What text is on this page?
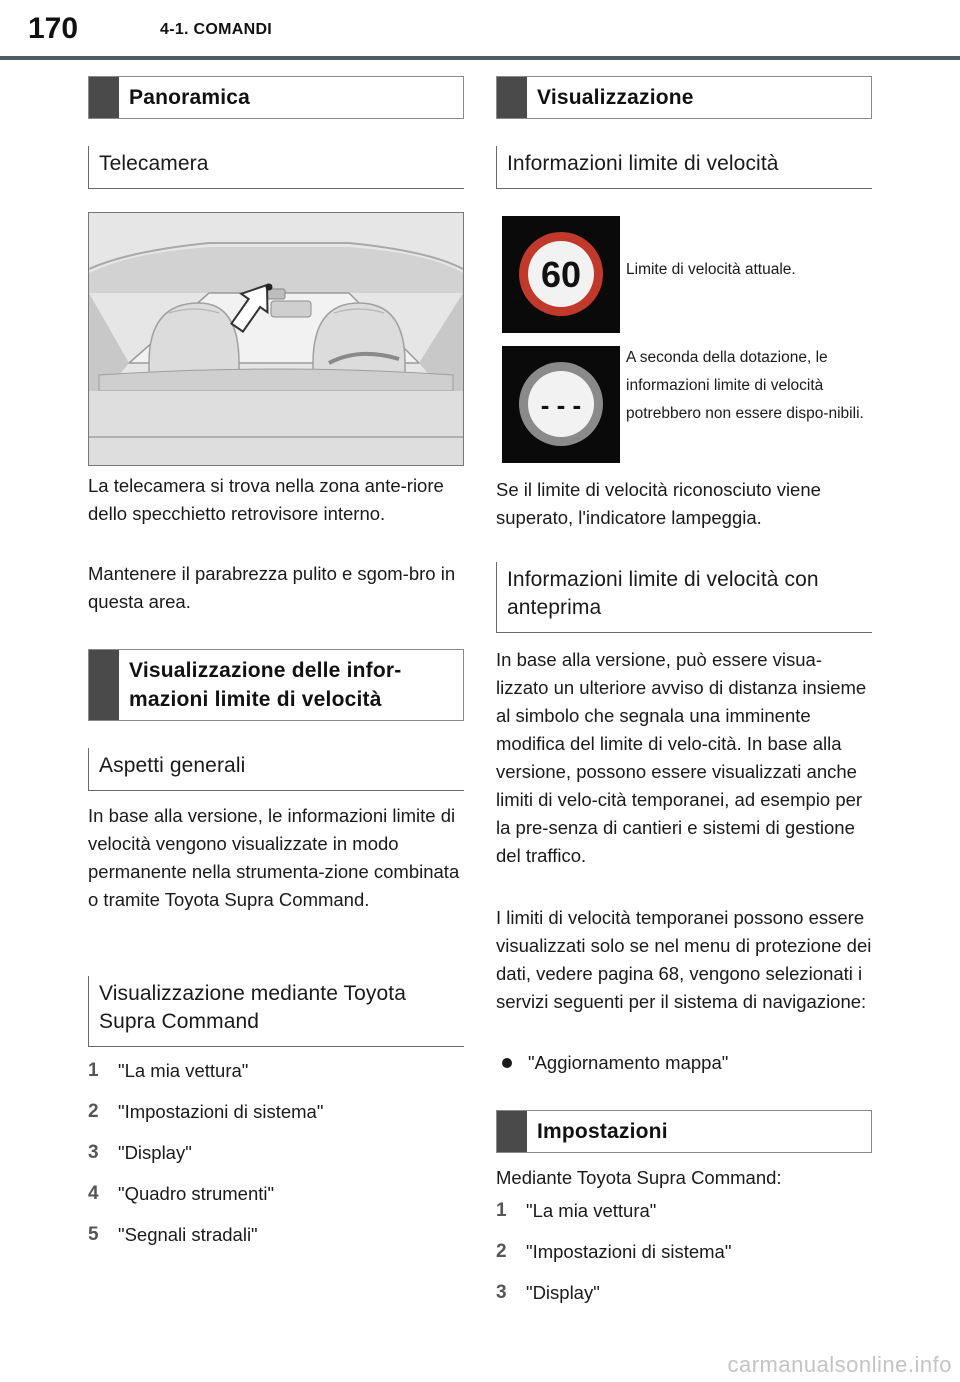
170	4-1. COMANDI
Panoramica
Telecamera
La telecamera si trova nella zona ante-riore dello specchietto retrovisore interno.
Mantenere il parabrezza pulito e sgom-bro in questa area.
Visualizzazione delle infor-mazioni limite di velocità
Aspetti generali
In base alla versione, le informazioni limite di velocità vengono visualizzate in modo permanente nella strumenta-zione combinata o tramite Toyota Supra Command.
Visualizzazione mediante Toyota Supra Command
1	"La mia vettura"
2	"Impostazioni di sistema"
3	"Display"
4	"Quadro strumenti"
5	"Segnali stradali"
Visualizzazione
Informazioni limite di velocità
60	Limite di velocità attuale.
- - -
A seconda della dotazione, le informazioni limite di velocità potrebbero non essere dispo-nibili.
Se il limite di velocità riconosciuto viene superato, l'indicatore lampeggia.
Informazioni limite di velocità con anteprima
In base alla versione, può essere visua-lizzato un ulteriore avviso di distanza insieme al simbolo che segnala una imminente modifica del limite di velo-cità. In base alla versione, possono essere visualizzati anche limiti di velo-cità temporanei, ad esempio per la pre-senza di cantieri e sistemi di gestione del traffico.
I limiti di velocità temporanei possono essere visualizzati solo se nel menu di protezione dei dati, vedere pagina 68, vengono selezionati i servizi seguenti per il sistema di navigazione:
"Aggiornamento mappa"
Impostazioni
Mediante Toyota Supra Command:
1	"La mia vettura"
2	"Impostazioni di sistema"
3	"Display"
carmanualsonline.info
